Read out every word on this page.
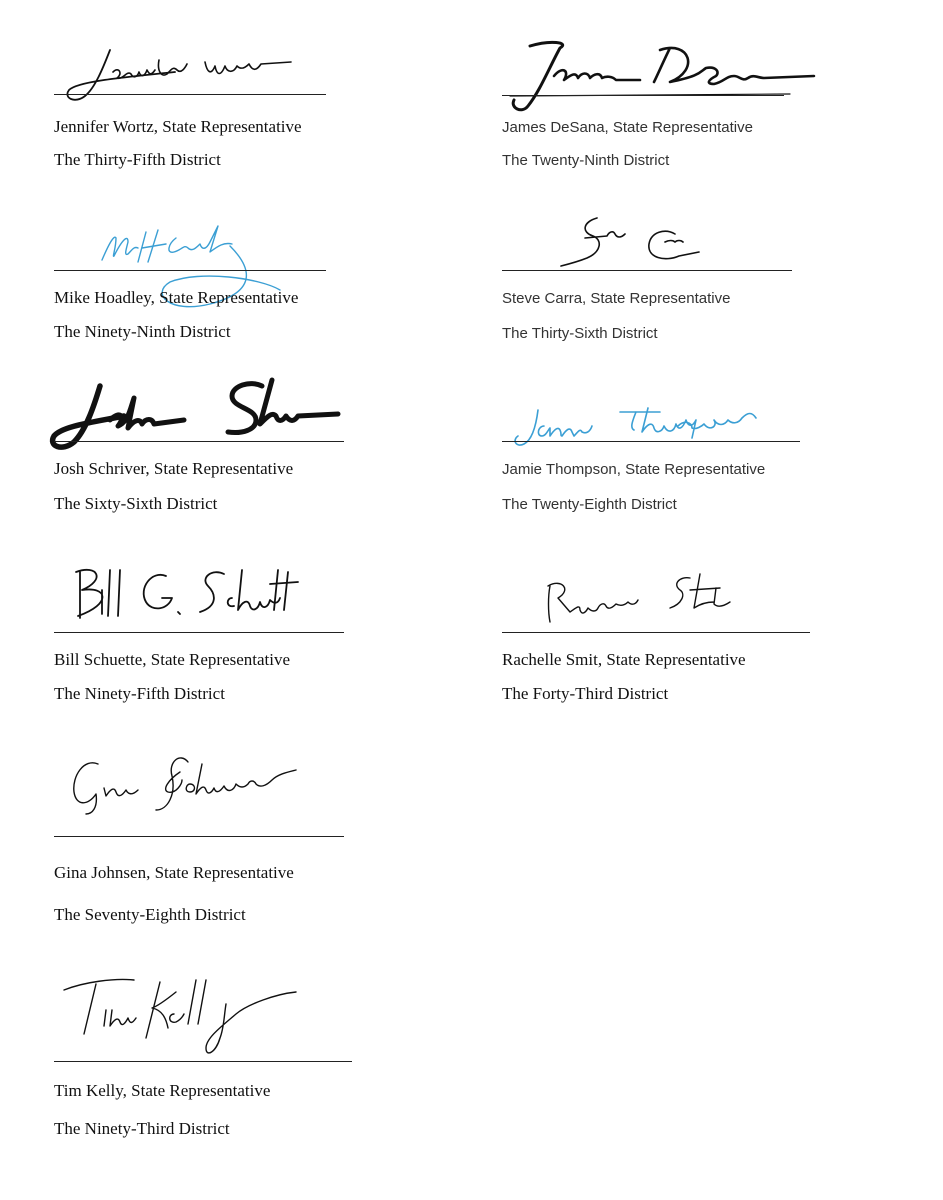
Jennifer Wortz, State Representative
The Thirty-Fifth District
James DeSana, State Representative
The Twenty-Ninth District
Mike Hoadley, State Representative
The Ninety-Ninth District
Steve Carra, State Representative
The Thirty-Sixth District
Josh Schriver, State Representative
The Sixty-Sixth District
Jamie Thompson, State Representative
The Twenty-Eighth District
Bill Schuette, State Representative
The Ninety-Fifth District
Rachelle Smit, State Representative
The Forty-Third District
Gina Johnsen, State Representative
The Seventy-Eighth District
Tim Kelly, State Representative
The Ninety-Third District
